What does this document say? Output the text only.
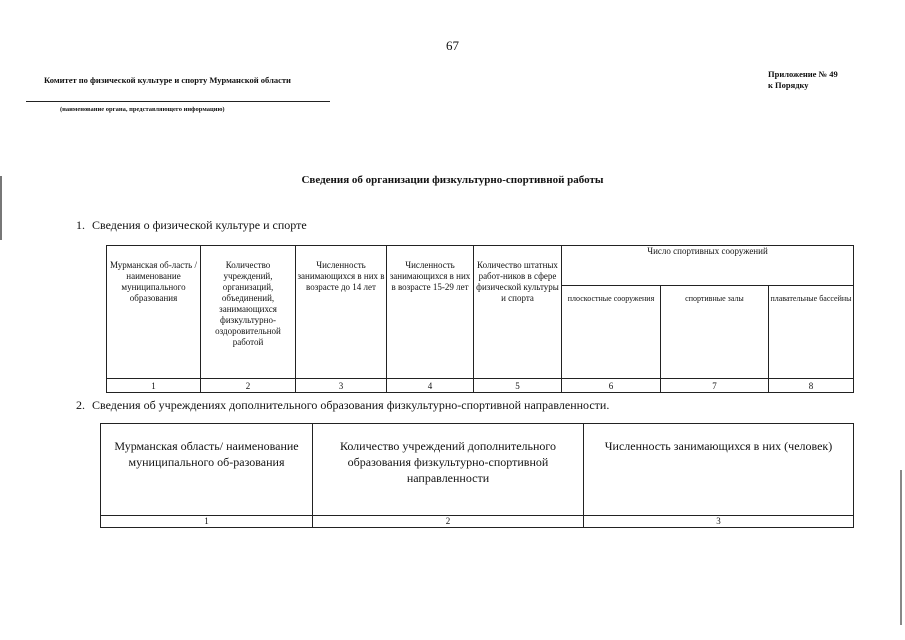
67
Комитет по физической культуре и спорту Мурманской области
(наименование органа, представляющего информацию)
Приложение № 49
к Порядку
Сведения об организации физкультурно-спортивной работы
1. Сведения о физической культуре и спорте
Мурманская об-ласть /наименование муниципального образования	Количество учреждений, организаций, объединений, занимающихся физкультурно-оздоровительной работой	Численность занимающихся в них в возрасте до 14 лет	Численность занимающихся в них в возрасте 15-29 лет	Количество штатных работ-ников в сфере физической культуры и спорта	Число спортивных сооружений		
					плоскостные сооружения	спортивные залы	плавательные бассейны
1	2	3	4	5	6	7	8
2. Сведения об учреждениях дополнительного образования физкультурно-спортивной направленности.
Мурманская область/ наименование муниципального об-разования	Количество учреждений дополнительного образования физкультурно-спортивной направленности	Численность занимающихся в них (человек)
1	2	3
